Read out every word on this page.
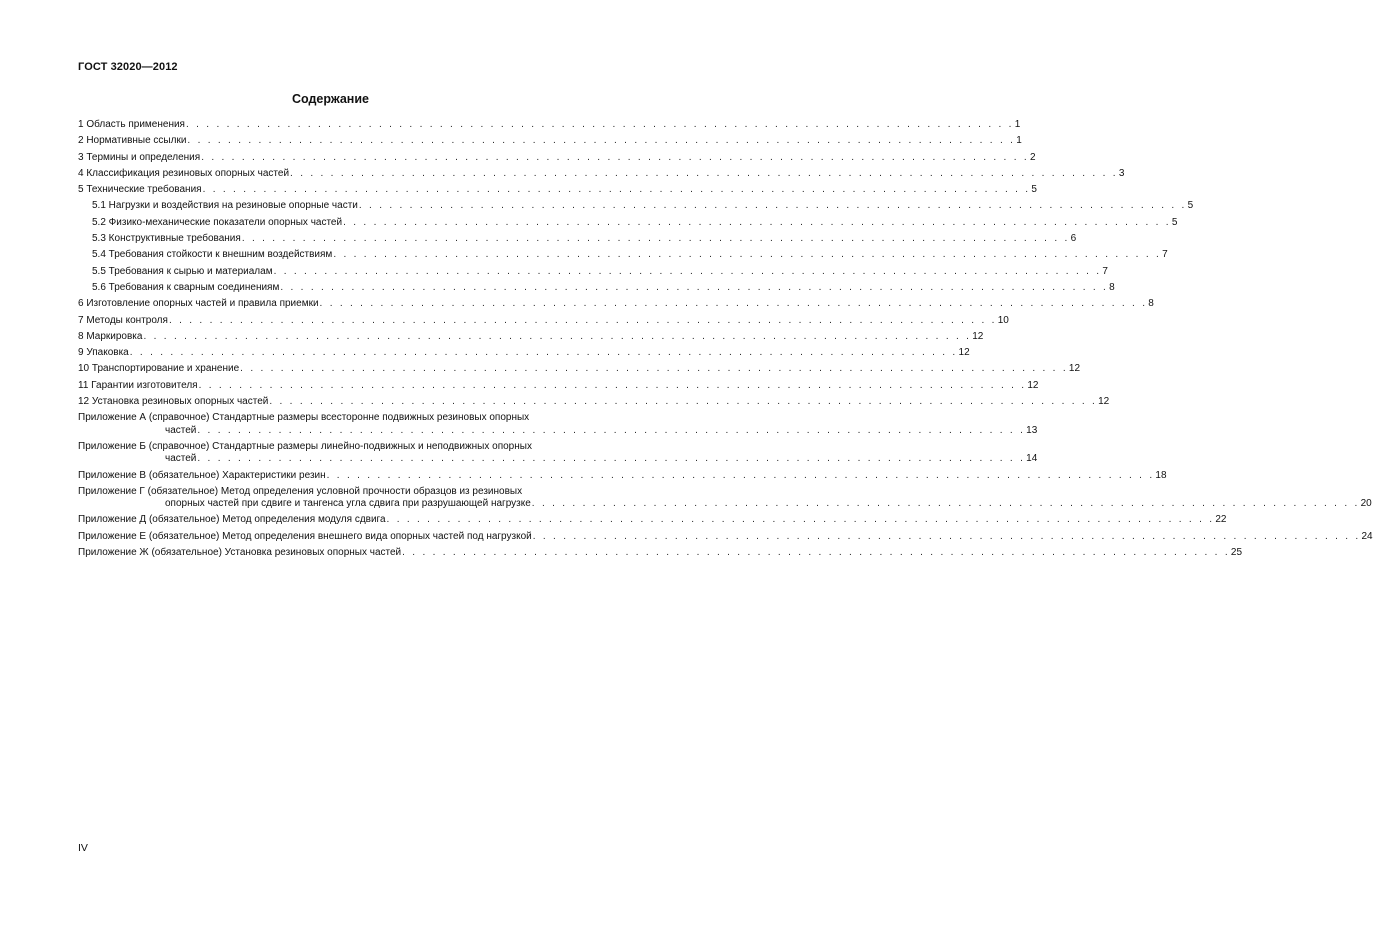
ГОСТ 32020—2012
Содержание
1 Область применения . . . . . . . . . . . . . . . . . . . . . . . . . . . . . . . . . . . . . . . . . . . . . . . . . . . . . . . . . . . . . . . . . . . . . . . . . . . . . . . . . . 1
2 Нормативные ссылки . . . . . . . . . . . . . . . . . . . . . . . . . . . . . . . . . . . . . . . . . . . . . . . . . . . . . . . . . . . . . . . . . . . . . . . . . . . . . . . . . . 1
3 Термины и определения . . . . . . . . . . . . . . . . . . . . . . . . . . . . . . . . . . . . . . . . . . . . . . . . . . . . . . . . . . . . . . . . . . . . . . . . . . . . . . . . . . 2
4 Классификация резиновых опорных частей . . . . . . . . . . . . . . . . . . . . . . . . . . . . . . . . . . . . . . . . . . . . . . . . . . . . . . . . . . . . . . . . . . . . . . . . . . . . . . . . . . 3
5 Технические требования . . . . . . . . . . . . . . . . . . . . . . . . . . . . . . . . . . . . . . . . . . . . . . . . . . . . . . . . . . . . . . . . . . . . . . . . . . . . . . . . . . 5
5.1 Нагрузки и воздействия на резиновые опорные части . . . . . . . . . . . . . . . . . . . . . . . . . . . . . . . . . . . . . . . . . . . . . . . . . . . . . . . . . . . . . . . . . . . . . . . . . . . . . . . . . . 5
5.2 Физико-механические показатели опорных частей . . . . . . . . . . . . . . . . . . . . . . . . . . . . . . . . . . . . . . . . . . . . . . . . . . . . . . . . . . . . . . . . . . . . . . . . . . . . . . . . . . 5
5.3 Конструктивные требования . . . . . . . . . . . . . . . . . . . . . . . . . . . . . . . . . . . . . . . . . . . . . . . . . . . . . . . . . . . . . . . . . . . . . . . . . . . . . . . . . . 6
5.4 Требования стойкости к внешним воздействиям . . . . . . . . . . . . . . . . . . . . . . . . . . . . . . . . . . . . . . . . . . . . . . . . . . . . . . . . . . . . . . . . . . . . . . . . . . . . . . . . . . 7
5.5 Требования к сырью и материалам . . . . . . . . . . . . . . . . . . . . . . . . . . . . . . . . . . . . . . . . . . . . . . . . . . . . . . . . . . . . . . . . . . . . . . . . . . . . . . . . . . 7
5.6 Требования к сварным соединениям . . . . . . . . . . . . . . . . . . . . . . . . . . . . . . . . . . . . . . . . . . . . . . . . . . . . . . . . . . . . . . . . . . . . . . . . . . . . . . . . . . 8
6 Изготовление опорных частей и правила приемки . . . . . . . . . . . . . . . . . . . . . . . . . . . . . . . . . . . . . . . . . . . . . . . . . . . . . . . . . . . . . . . . . . . . . . . . . . . . . . . . . . 8
7 Методы контроля . . . . . . . . . . . . . . . . . . . . . . . . . . . . . . . . . . . . . . . . . . . . . . . . . . . . . . . . . . . . . . . . . . . . . . . . . . . . . . . . . . 10
8 Маркировка . . . . . . . . . . . . . . . . . . . . . . . . . . . . . . . . . . . . . . . . . . . . . . . . . . . . . . . . . . . . . . . . . . . . . . . . . . . . . . . . . . 12
9 Упаковка . . . . . . . . . . . . . . . . . . . . . . . . . . . . . . . . . . . . . . . . . . . . . . . . . . . . . . . . . . . . . . . . . . . . . . . . . . . . . . . . . . 12
10 Транспортирование и хранение . . . . . . . . . . . . . . . . . . . . . . . . . . . . . . . . . . . . . . . . . . . . . . . . . . . . . . . . . . . . . . . . . . . . . . . . . . . . . . . . . . 12
11 Гарантии изготовителя . . . . . . . . . . . . . . . . . . . . . . . . . . . . . . . . . . . . . . . . . . . . . . . . . . . . . . . . . . . . . . . . . . . . . . . . . . . . . . . . . . 12
12 Установка резиновых опорных частей . . . . . . . . . . . . . . . . . . . . . . . . . . . . . . . . . . . . . . . . . . . . . . . . . . . . . . . . . . . . . . . . . . . . . . . . . . . . . . . . . . 12
Приложение А (справочное) Стандартные размеры всесторонне подвижных резиновых опорных
частей . . . . . . . . . . . . . . . . . . . . . . . . . . . . . . . . . . . . . . . . . . . . . . . . . . . . . . . . . . . . . . . . . . . . . . . . . . . . . . . . . . 13
Приложение Б (справочное) Стандартные размеры линейно-подвижных и неподвижных опорных
частей . . . . . . . . . . . . . . . . . . . . . . . . . . . . . . . . . . . . . . . . . . . . . . . . . . . . . . . . . . . . . . . . . . . . . . . . . . . . . . . . . . 14
Приложение В (обязательное) Характеристики резин . . . . . . . . . . . . . . . . . . . . . . . . . . . . . . . . . . . . . . . . . . . . . . . . . . . . . . . . . . . . . . . . . . . . . . . . . . . . . . . . . . 18
Приложение Г (обязательное) Метод определения условной прочности образцов из резиновых
опорных частей при сдвиге и тангенса угла сдвига при разрушающей нагрузке . . . . . . . . . . . . . . . . . . . . . . . . . . . . . . . . . . . . . . . . . . . . . . . . . . . . . . . . . . . . . . . . . . . . . . . . . . . . . . . . . . 20
Приложение Д (обязательное) Метод определения модуля сдвига . . . . . . . . . . . . . . . . . . . . . . . . . . . . . . . . . . . . . . . . . . . . . . . . . . . . . . . . . . . . . . . . . . . . . . . . . . . . . . . . . . 22
Приложение Е (обязательное) Метод определения внешнего вида опорных частей под нагрузкой . . . . . . . . . . . . . . . . . . . . . . . . . . . . . . . . . . . . . . . . . . . . . . . . . . . . . . . . . . . . . . . . . . . . . . . . . . . . . . . . . . 24
Приложение Ж (обязательное) Установка резиновых опорных частей . . . . . . . . . . . . . . . . . . . . . . . . . . . . . . . . . . . . . . . . . . . . . . . . . . . . . . . . . . . . . . . . . . . . . . . . . . . . . . . . . . 25
IV
